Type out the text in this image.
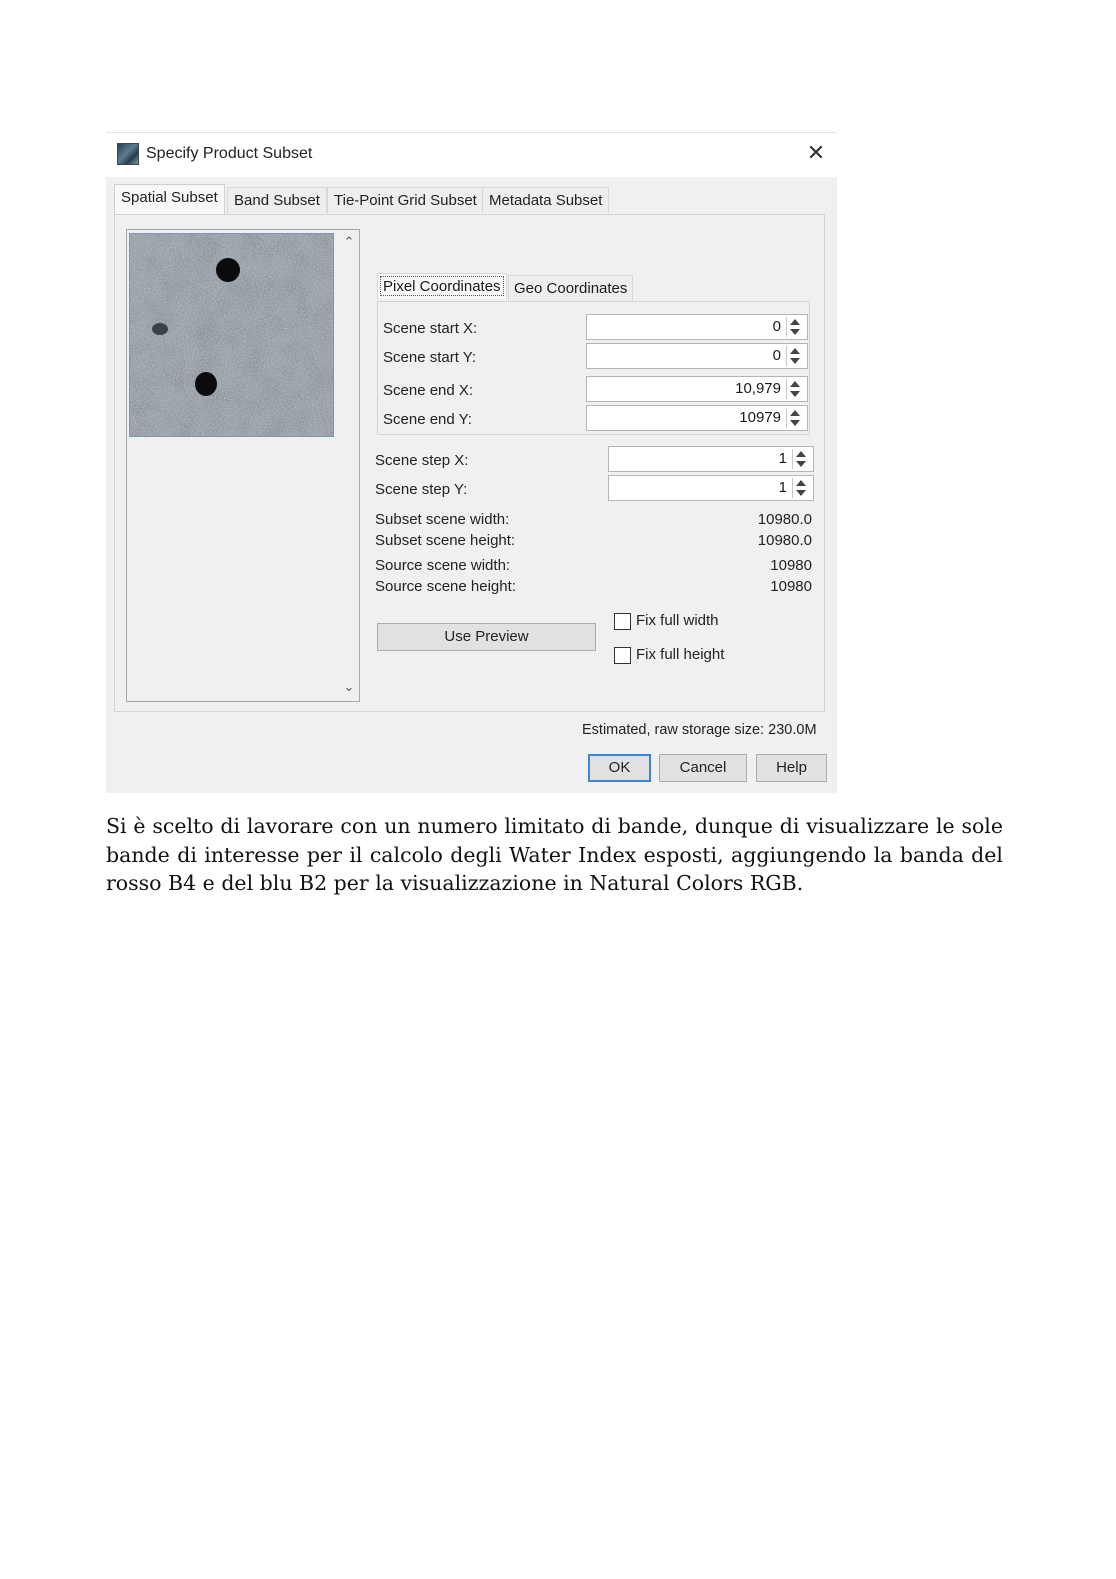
Specify Product Subset	✕
Spatial Subset	Band Subset Tie-Point Grid Subset Metadata Subset
⌃
⌄
Pixel Coordinates Geo Coordinates
Scene start X:	0
Scene start Y:	0
Scene end X:	10,979
Scene end Y:	10979
Scene step X:	1
Scene step Y:	1
Subset scene width:	10980.0
Subset scene height:	10980.0
Source scene width:	10980
Source scene height:	10980
Use Preview
Fix full width
Fix full height
Estimated, raw storage size: 230.0M
OK	Cancel	Help

Si è scelto di lavorare con un numero limitato di bande, dunque di visualizzare le sole bande di interesse per il calcolo degli Water Index esposti, aggiungendo la banda del rosso B4 e del blu B2 per la visualizzazione in Natural Colors RGB.
